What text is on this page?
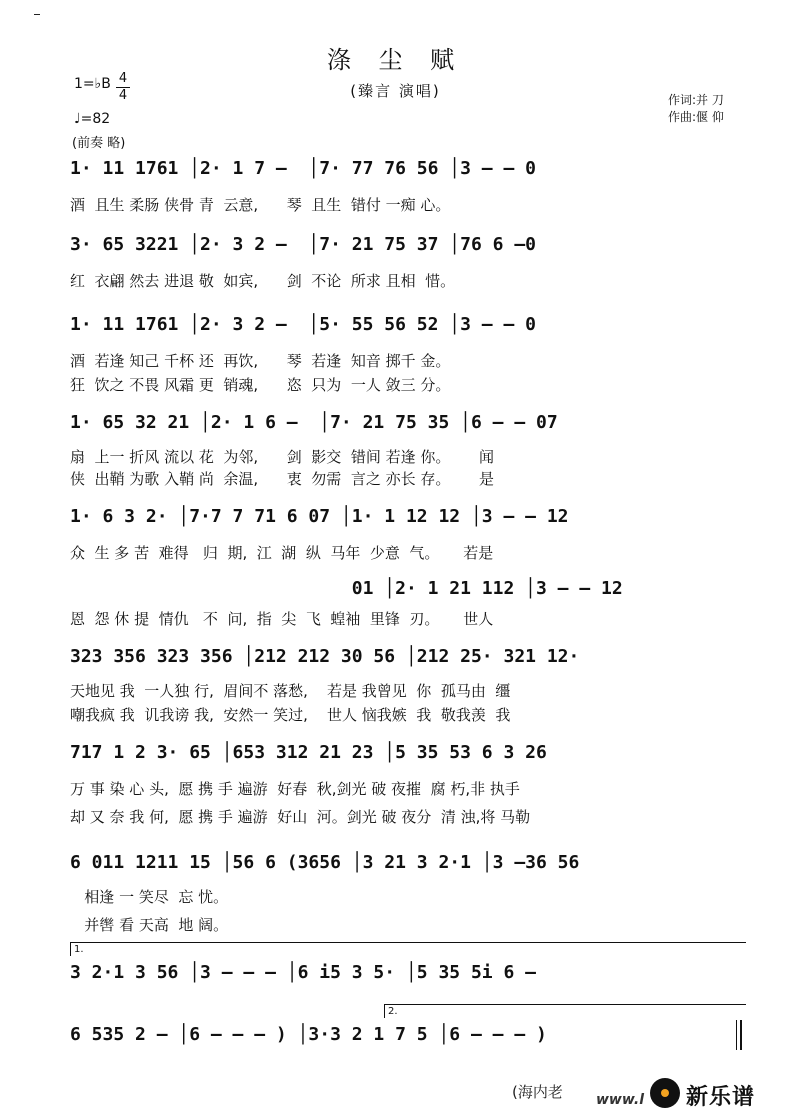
涤 尘 赋
(臻言 演唱)	作词:并 刀
作曲:偃 仰
1=♭B 4
4
♩=82
(前奏 略)
1· 11 1761 │2· 1 7 –  │7· 77 76 56 │3 – – 0
酒  且生 柔肠 侠骨 青  云意,      琴  且生  错付 一痴 心。
3· 65 3221 │2· 3 2 –  │7· 21 75 37 │76 6 –0
红  衣翩 然去 进退 敬  如宾,      剑  不论  所求 且相  惜。
1· 11 1761 │2· 3 2 –  │5· 55 56 52 │3 – – 0
酒  若逢 知己 千杯 还  再饮,      琴  若逢  知音 掷千 金。
狂  饮之 不畏 风霜 更  销魂,      恣  只为  一人 敛三 分。
1· 65 32 21 │2· 1 6 –  │7· 21 75 35 │6 – – 07
扇  上一 折风 流以 花  为邻,      剑  影交  错间 若逢 你。      闻
侠  出鞘 为歌 入鞘 尚  余温,      衷  勿需  言之 亦长 存。      是
1· 6 3 2· │7·7 7 71 6 07 │1· 1 12 12 │3 – – 12
众  生 多 苦  难得   归  期,  江  湖  纵  马年  少意  气。     若是
01 │2· 1 21 112 │3 – – 12
恩  怨 休 提  情仇   不  问,  指  尖  飞  蝗袖  里锋  刃。     世人
323 356 323 356 │212 212 30 56 │212 25· 321 12·
天地见 我  一人独 行,  眉间不 落愁,    若是 我曾见  你  孤马由  缰
嘲我疯 我  讥我谤 我,  安然一 笑过,    世人 恼我嫉  我  敬我羡  我
717 1 2 3· 65 │653 312 21 23 │5 35 53 6 3 26
万 事 染 心 头,  愿 携 手 遍游  好春  秋,剑光 破 夜摧  腐 朽,非 执手
却 又 奈 我 何,  愿 携 手 遍游  好山  河。剑光 破 夜分  清 浊,将 马勒
6 011 1211 15 │56 6 (3656 │3 21 3 2·1 │3 –36 56
相逢 一 笑尽  忘 忧。
并辔 看 天高  地 阔。
1.
3 2·1 3 56 │3 – – – │6 i5 3 5· │5 35 5i 6 –
2.
6 535 2 – │6 – – – ) │3·3 2 1 7 5 │6 – – – )
(海内老 www.l 新乐谱
